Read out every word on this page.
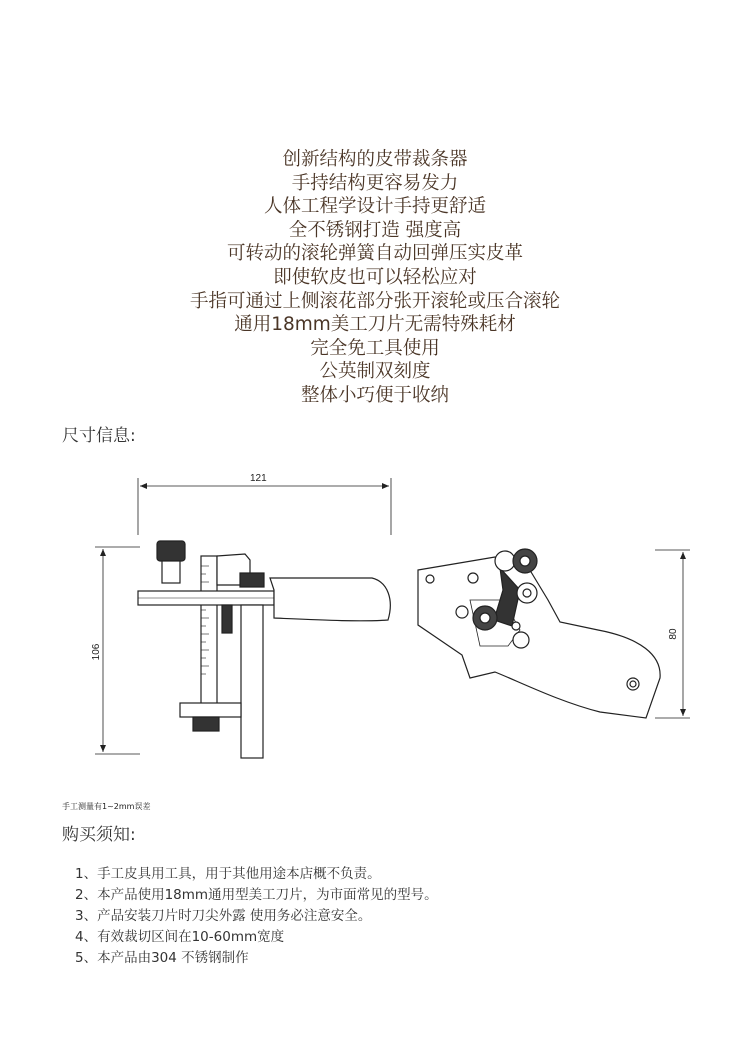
创新结构的皮带裁条器
手持结构更容易发力
人体工程学设计手持更舒适
全不锈钢打造 强度高
可转动的滚轮弹簧自动回弹压实皮革
即使软皮也可以轻松应对
手指可通过上侧滚花部分张开滚轮或压合滚轮
通用18mm美工刀片无需特殊耗材
完全免工具使用
公英制双刻度
整体小巧便于收纳
尺寸信息:
121
106
80
手工测量有1~2mm误差
购买须知:
1、手工皮具用工具，用于其他用途本店概不负责。
2、本产品使用18mm通用型美工刀片，为市面常见的型号。
3、产品安装刀片时刀尖外露 使用务必注意安全。
4、有效裁切区间在10-60mm宽度
5、本产品由304 不锈钢制作
